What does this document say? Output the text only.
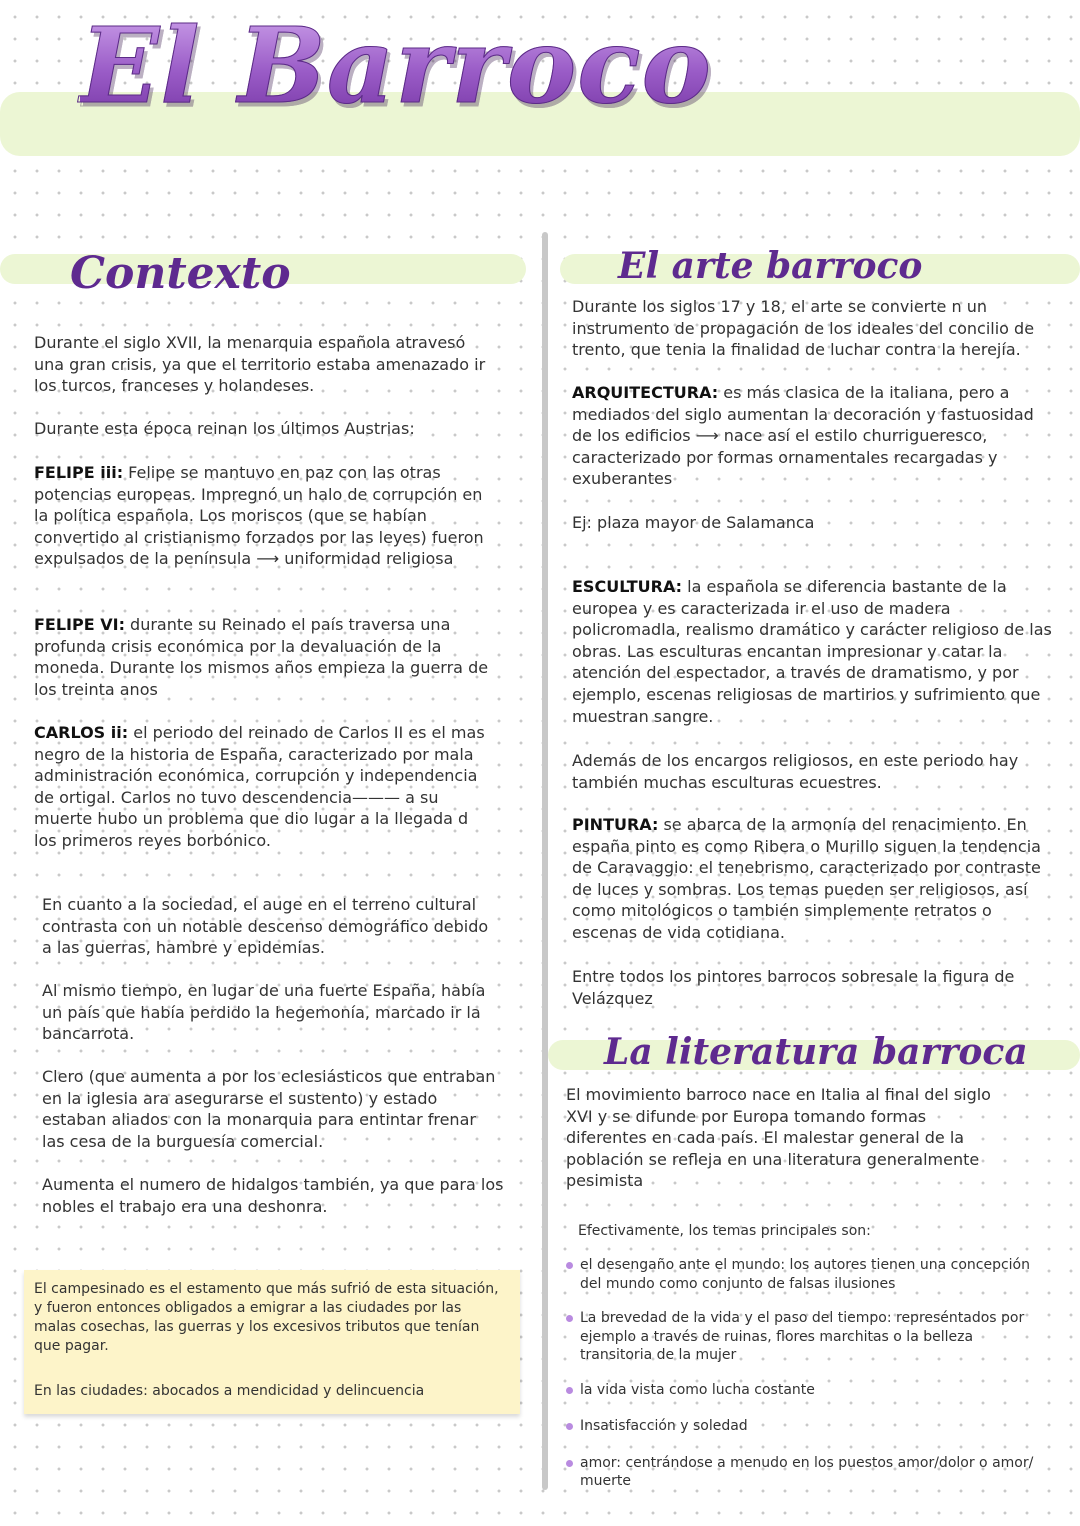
El Barroco
Contexto

Durante el siglo XVII, la menarquia española atravesó una gran crisis, ya que el territorio estaba amenazado ir los turcos, franceses y holandeses.

Durante esta época reinan los últimos Austrias:

FELIPE iii: Felipe se mantuvo en paz con las otras potencias europeas. Impregnó un halo de corrupción en la política española. Los moriscos (que se habían convertido al cristianismo forzados por las leyes) fueron expulsados de la península ⟶ uniformidad religiosa

FELIPE VI: durante su Reinado el país traversa una profunda crisis económica por la devaluación de la moneda. Durante los mismos años empieza la guerra de los treinta anos

CARLOS ii: el periodo del reinado de Carlos II es el mas negro de la historia de España, caracterizado por mala administración económica, corrupción y independencia de ortigal. Carlos no tuvo descendencia——— a su muerte hubo un problema que dio lugar a la llegada d los primeros reyes borbónico.

En cuanto a la sociedad, el auge en el terreno cultural contrasta con un notable descenso demográfico debido a las guerras, hambre y epidemias.

Al mismo tiempo, en lugar de una fuerte España, había un país que había perdido la hegemonía, marcado ir la bancarrota.

Clero (que aumenta a por los eclesiásticos que entraban en la iglesia ara asegurarse el sustento) y estado estaban aliados con la monarquia para entintar frenar las cesa de la burguesía comercial.

Aumenta el numero de hidalgos también, ya que para los nobles el trabajo era una deshonra.

El campesinado es el estamento que más sufrió de esta situación, y fueron entonces obligados a emigrar a las ciudades por las malas cosechas, las guerras y los excesivos tributos que tenían que pagar.

En las ciudades: abocados a mendicidad y delincuencia

El arte barroco

Durante los siglos 17 y 18, el arte se convierte n un instrumento de propagación de los ideales del concilio de trento, que tenia la finalidad de luchar contra la herejía.

ARQUITECTURA: es más clasica de la italiana, pero a mediados del siglo aumentan la decoración y fastuosidad de los edificios ⟶ nace así el estilo churrigueresco, caracterizado por formas ornamentales recargadas y exuberantes

Ej: plaza mayor de Salamanca

ESCULTURA: la española se diferencia bastante de la europea y es caracterizada ir el uso de madera policromadla, realismo dramático y carácter religioso de las obras. Las esculturas encantan impresionar y catar la atención del espectador, a través de dramatismo, y por ejemplo, escenas religiosas de martirios y sufrimiento que muestran sangre.

Además de los encargos religiosos, en este periodo hay también muchas esculturas ecuestres.

PINTURA: se abarca de la armonía del renacimiento. En españa pinto es como Ribera o Murillo siguen la tendencia de Caravaggio: el tenebrismo, caracterizado por contraste de luces y sombras. Los temas pueden ser religiosos, así como mitológicos o también simplemente retratos o escenas de vida cotidiana.

Entre todos los pintores barrocos sobresale la figura de Velázquez

La literatura barroca

El movimiento barroco nace en Italia al final del siglo XVI y se difunde por Europa tomando formas diferentes en cada país. El malestar general de la población se refleja en una literatura generalmente pesimista

Efectivamente, los temas principales son:

el desengaño ante el mundo: los autores tienen una concepción del mundo como conjunto de falsas ilusiones
La brevedad de la vida y el paso del tiempo: represéntados por ejemplo a través de ruinas, flores marchitas o la belleza transitoria de la mujer
la vida vista como lucha costante
Insatisfacción y soledad
amor: centrándose a menudo en los puestos amor/dolor o amor/ muerte
